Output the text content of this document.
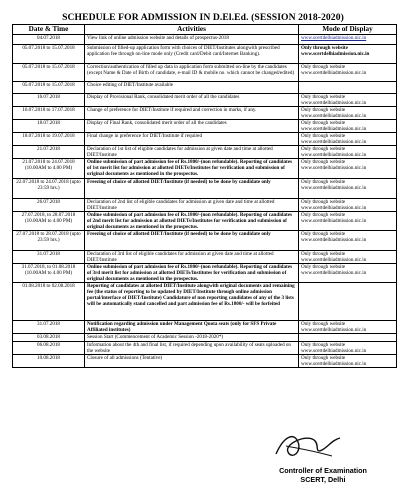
SCHEDULE FOR ADMISSION IN D.El.Ed. (SESSION 2018-2020)
Date & Time	Activities	Mode of Display
04.07.2018	View link of online admission website and details of prospectus-2018	www.scertdelhiadmission.nic.in
05.07.2018 to 15.07.2018	Submission of filled-up application form with choices of DIET/Institutes alongwith prescribed application fee through on-line mode only (Credit card/Debit card/Internet Banking).	Only through website www.scertdelhiadmission.nic.in
05.07.2018 to 15.07.2018	Correction/authentication of filled up data in application form submitted on-line by the candidates (except Name & Date of Birth of candidate, e-mail ID & mobile no. which cannot be changed/edited)	Only through website www.scertdelhiadmission.nic.in
05.07.2018 to 15.07.2018	Choice editing of DIET/Institute available	
16.07.2018	Display of Provisional Rank, consolidated merit order of all the candidates	Only through website www.scertdelhiadmission.nic.in
16.07.2018 to 17.07.2018	Change of preference for DIET/Institute if required and correction in marks, if any.	Only through website www.scertdelhiadmission.nic.in
18.07.2018	Display of Final Rank, consolidated merit order of all the candidates	Only through website www.scertdelhiadmission.nic.in
18.07.2018 to 19.07.2018	Final change in preference for DIET/Institute if required	Only through website www.scertdelhiadmission.nic.in
21.07.2018	Declaration of 1st list of eligible candidates for admission at given date and time at allotted DIET/Institute	Only through website www.scertdelhiadmission.nic.in
21.07.2018 to 24.07.2018 (10.00AM to 4.00 PM)	Online submission of part admission fee of Rs.1800/-(non refundable). Reporting of candidates of 1st merit list for admission at allotted DIETs/Institutes for verification and submission of original documents as mentioned in the prospectus.	Only through website www.scertdelhiadmission.nic.in
22.07.2018 to 24.07.2018 (upto 23:59 hrs.)	Freezing of choice of allotted DIET/Institute (if needed) to be done by candidate only	Only through website www.scertdelhiadmission.nic.in
26.07.2018	Declaration of 2nd list of eligible candidates for admission at given date and time at allotted DIET/Institute	Only through website www.scertdelhiadmission.nic.in
27.07.2018, to 28.07.2018 (10.00AM to 4.00 PM)	Online submission of part admission fee of Rs.1800/-(non refundable). Reporting of candidates of 2nd merit list for admission at allotted DIETs/Institutes for verification and submission of original documents as mentioned in the prospectus.	Only through website www.scertdelhiadmission.nic.in
27.07.2018 to 28.07.2018 (upto 23:59 hrs.)	Freezing of choice of allotted DIET/Institute (if needed) to be done by candidate only	Only through website www.scertdelhiadmission.nic.in
31.07.2018	Declaration of 3rd list of eligible candidates for admission at given date and time at allotted DIET/Institute	Only through website www.scertdelhiadmission.nic.in
31.07.2018, to 01.08.2018 (10.00AM to 4.00 PM)	Online submission of part admission fee of Rs.1800/-(non refundable). Reporting of candidates of 3rd merit list for admission at allotted DIETs/Institutes for verification and submission of original documents as mentioned in the prospectus.	Only through website www.scertdelhiadmission.nic.in
01.08.2018 to 02.08.2018	Reporting of candidates at allotted DIET/Institute alongwith original documents and remaining fee (the status of reporting to be updated by DIET/Institute through online admission portal/interface of DIET/Institute) Candidature of non reporting candidates of any of the 3 lists will be automatically stand cancelled and part admission fee of Rs.1800/- will be forfeited	
31.07.2018	Notification regarding admission under Management Quota seats (only for SFS Private Affiliated institutes)	Only through website www.scertdelhiadmission.nic.in
03.08.2018	Session Start (Commencement of Academic Session -2018-2020*)	
06.08.2018	Information about the 4th and final list, if required depending upon availability of seats uploaded on the website	Only through website www.scertdelhiadmission.nic.in
10.08.2018	Closure of all admissions (Tentative)	Only through website www.scertdelhiadmission.nic.in
Controller of Examination
SCERT, Delhi
